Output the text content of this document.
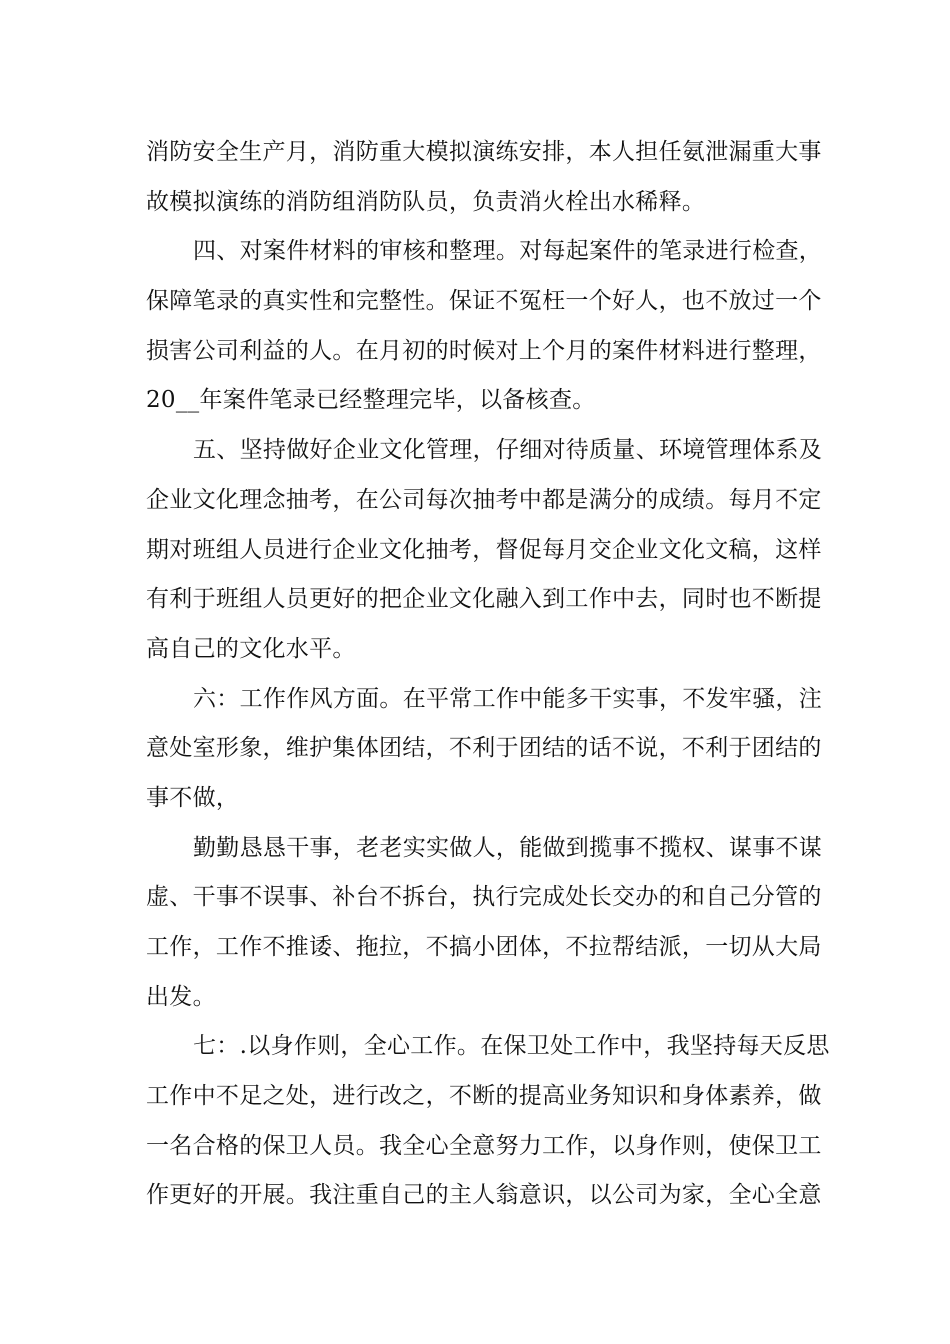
消防安全生产月，消防重大模拟演练安排，本人担任氨泄漏重大事
故模拟演练的消防组消防队员，负责消火栓出水稀释。
四、对案件材料的审核和整理。对每起案件的笔录进行检查，
保障笔录的真实性和完整性。保证不冤枉一个好人，也不放过一个
损害公司利益的人。在月初的时候对上个月的案件材料进行整理，
20__年案件笔录已经整理完毕，以备核查。
五、坚持做好企业文化管理，仔细对待质量、环境管理体系及
企业文化理念抽考，在公司每次抽考中都是满分的成绩。每月不定
期对班组人员进行企业文化抽考，督促每月交企业文化文稿，这样
有利于班组人员更好的把企业文化融入到工作中去，同时也不断提
高自己的文化水平。
六：工作作风方面。在平常工作中能多干实事，不发牢骚，注
意处室形象，维护集体团结，不利于团结的话不说，不利于团结的
事不做，
勤勤恳恳干事，老老实实做人，能做到揽事不揽权、谋事不谋
虚、干事不误事、补台不拆台，执行完成处长交办的和自己分管的
工作，工作不推诿、拖拉，不搞小团体，不拉帮结派，一切从大局
出发。
七：.以身作则，全心工作。在保卫处工作中，我坚持每天反思
工作中不足之处，进行改之，不断的提高业务知识和身体素养，做
一名合格的保卫人员。我全心全意努力工作，以身作则，使保卫工
作更好的开展。我注重自己的主人翁意识，以公司为家，全心全意
